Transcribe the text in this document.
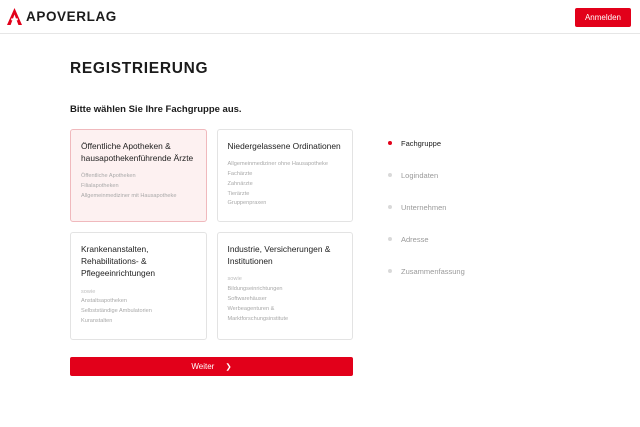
APOVERLAG	Anmelden
REGISTRIERUNG
Bitte wählen Sie Ihre Fachgruppe aus.
Öffentliche Apotheken & hausapothekenführende Ärzte
Öffentliche Apotheken
Filialapotheken
Allgemeinmediziner mit Hausapotheke
Niedergelassene Ordinationen
Allgemeinmediziner ohne Hausapotheke
Fachärzte
Zahnärzte
Tierärzte
Gruppenpraxen
Krankenanstalten, Rehabilitations- & Pflegeeinrichtungen
sowie
Anstaltsapotheken
Selbstständige Ambulatorien
Kuranstalten
Industrie, Versicherungen & Institutionen
sowie
Bildungseinrichtungen
Softwarehäuser
Werbeagenturen &
Marktforschungsinstitute
Weiter ❯
Fachgruppe
Logindaten
Unternehmen
Adresse
Zusammenfassung
